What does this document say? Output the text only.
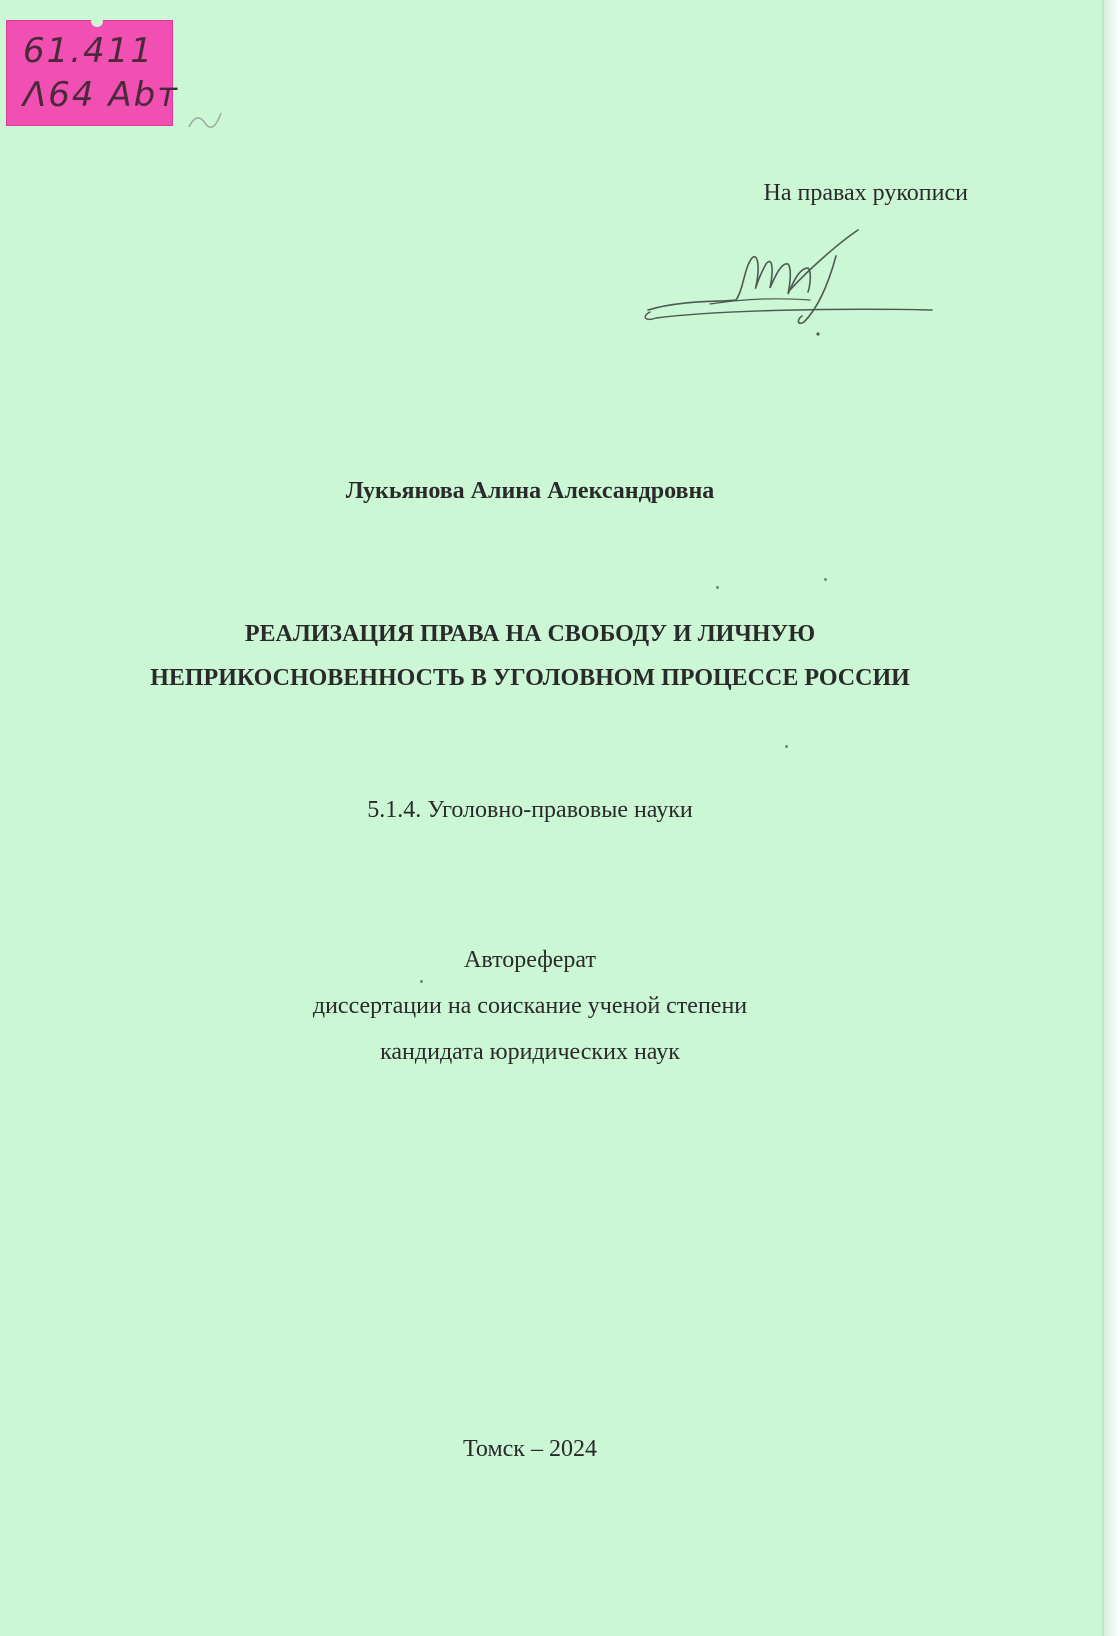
61.411
Λ64 Abт
На правах рукописи
Лукьянова Алина Александровна
РЕАЛИЗАЦИЯ ПРАВА НА СВОБОДУ И ЛИЧНУЮ
НЕПРИКОСНОВЕННОСТЬ В УГОЛОВНОМ ПРОЦЕССЕ РОССИИ
5.1.4. Уголовно-правовые науки
Автореферат
диссертации на соискание ученой степени
кандидата юридических наук
Томск – 2024
